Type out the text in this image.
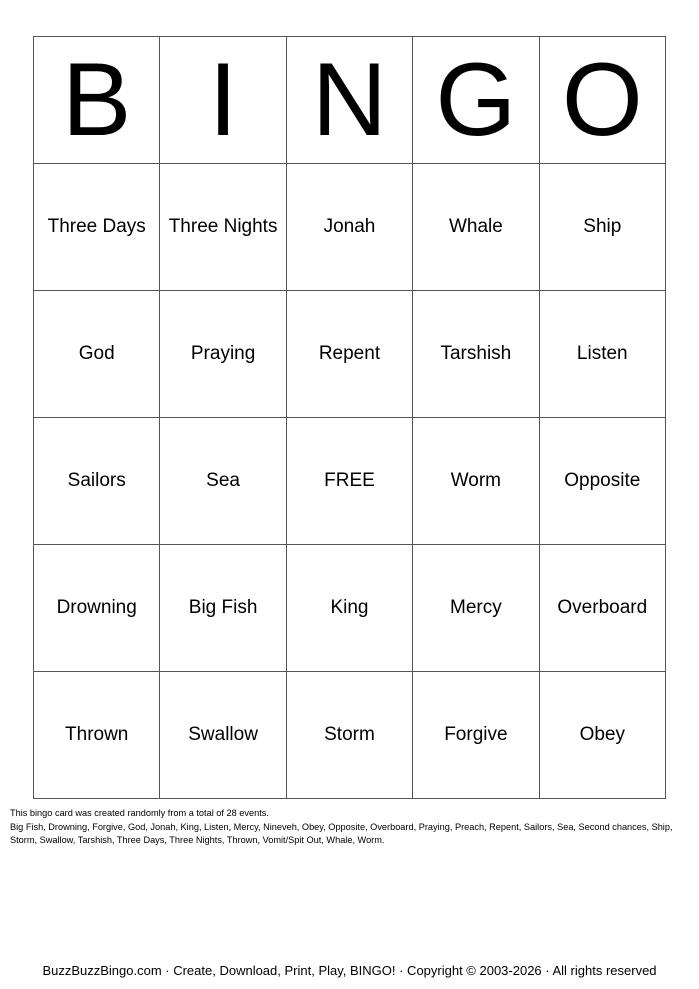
B	I	N	G	O
Three Days	Three Nights	Jonah	Whale	Ship
God	Praying	Repent	Tarshish	Listen
Sailors	Sea	FREE	Worm	Opposite
Drowning	Big Fish	King	Mercy	Overboard
Thrown	Swallow	Storm	Forgive	Obey

This bingo card was created randomly from a total of 28 events.

Big Fish, Drowning, Forgive, God, Jonah, King, Listen, Mercy, Nineveh, Obey, Opposite, Overboard, Praying, Preach, Repent, Sailors, Sea, Second chances, Ship, Storm, Swallow, Tarshish, Three Days, Three Nights, Thrown, Vomit/Spit Out, Whale, Worm.

BuzzBuzzBingo.com · Create, Download, Print, Play, BINGO! · Copyright © 2003-2026 · All rights reserved
